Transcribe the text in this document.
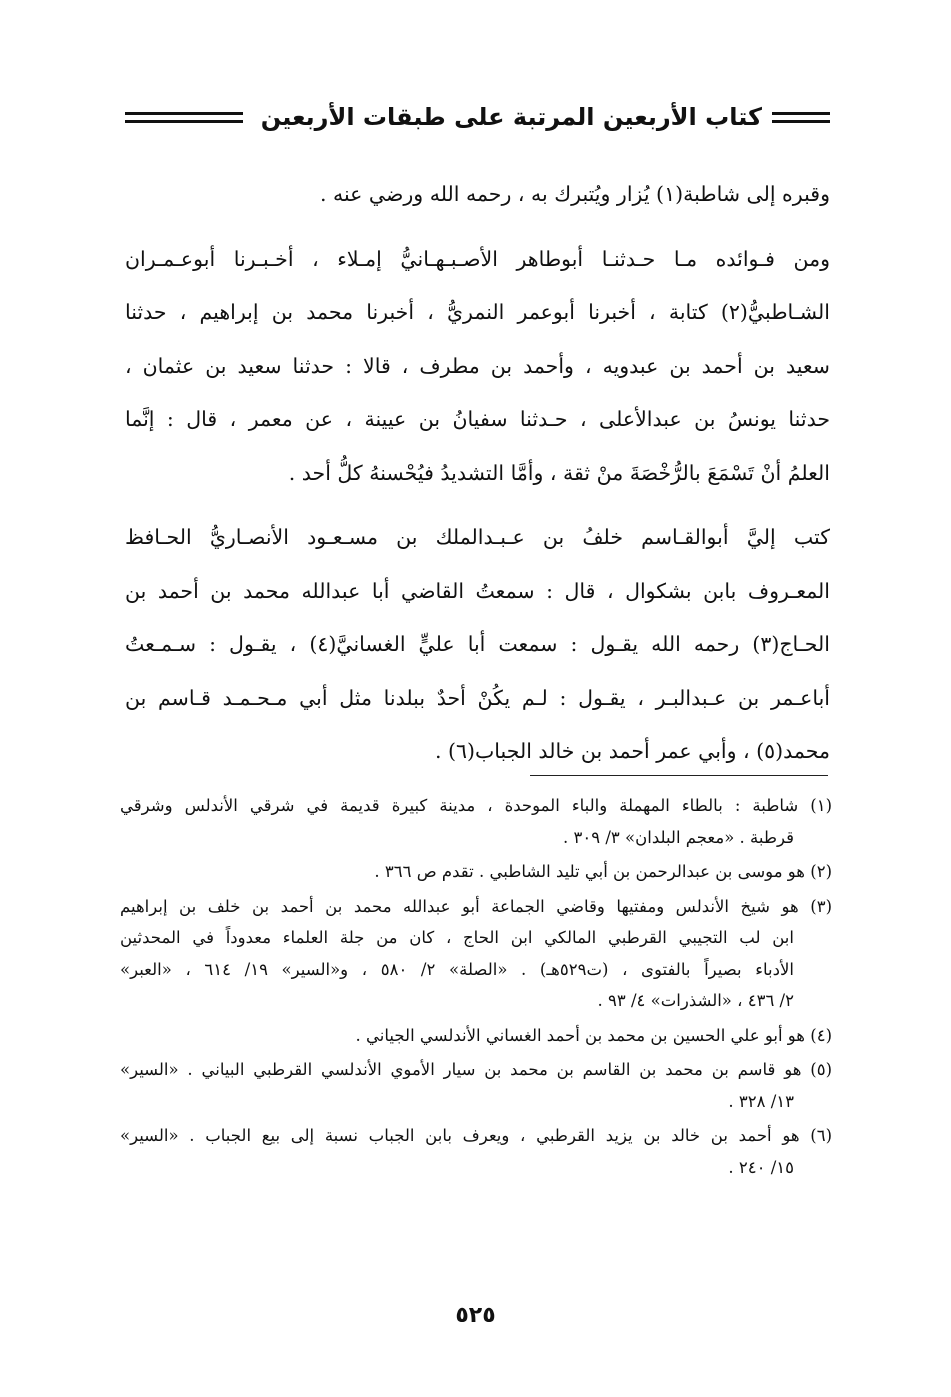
كتاب الأربعين المرتبة على طبقات الأربعين
وقبره إلى شاطبة(١) يُزار ويُتبرك به ، رحمه الله ورضي عنه .
ومن فـوائده مـا حـدثنـا أبوطاهر الأصـبـهـانيُّ إمـلاء ، أخـبـرنا أبوعـمـران
الشـاطبيُّ(٢) كتابة ، أخبرنا أبوعمر النمريُّ ، أخبرنا محمد بن إبراهيم ، حدثنا
سعيد بن أحمد بن عبدويه ، وأحمد بن مطرف ، قالا : حدثنا سعيد بن عثمان ،
حدثنا يونسُ بن عبدالأعلى ، حـدثنا سفيانُ بن عيينة ، عن معمر ، قال : إنَّما
العلمُ أنْ تَسْمَعَ بالرُّخْصَةَ منْ ثقة ، وأمَّا التشديدُ فيُحْسنهُ كلُّ أحد .
كتب إليَّ أبوالقـاسم خلفُ بن عـبـدالملك بن مسـعـود الأنصـاريُّ الحـافظ
المعـروف بابن بشكوال ، قال : سمعتُ القاضي أبا عبدالله محمد بن أحمد بن
الحـاج(٣) رحمه الله يقـول : سمعت أبا عليٍّ الغسانيَّ(٤) ، يقـول : سـمـعتُ
أباعـمر بن عـبدالبـر ، يقـول : لـم يكُنْ أحدٌ ببلدنا مثل أبي مـحـمـد قـاسم بن
محمد(٥) ، وأبي عمر أحمد بن خالد الجباب(٦) .
(١) شاطبة : بالطاء المهملة والباء الموحدة ، مدينة كبيرة قديمة في شرقي الأندلس وشرقي
قرطبة . «معجم البلدان» ٣/ ٣٠٩ .
(٢) هو موسى بن عبدالرحمن بن أبي تليد الشاطبي . تقدم ص ٣٦٦ .
(٣) هو شيخ الأندلس ومفتيها وقاضي الجماعة أبو عبدالله محمد بن أحمد بن خلف بن إبراهيم
ابن لب التجيبي القرطبي المالكي ابن الحاج ، كان من جلة العلماء معدوداً في المحدثين
الأدباء بصيراً بالفتوى ، (ت٥٢٩هـ) . «الصلة» ٢/ ٥٨٠ ، و«السير» ١٩/ ٦١٤ ، «العبر»
٢/ ٤٣٦ ، «الشذرات» ٤/ ٩٣ .
(٤) هو أبو علي الحسين بن محمد بن أحمد الغساني الأندلسي الجياني .
(٥) هو قاسم بن محمد بن القاسم بن محمد بن سيار الأموي الأندلسي القرطبي البياني . «السير»
١٣/ ٣٢٨ .
(٦) هو أحمد بن خالد بن يزيد القرطبي ، ويعرف بابن الجباب نسبة إلى بيع الجباب . «السير»
١٥/ ٢٤٠ .
٥٢٥
